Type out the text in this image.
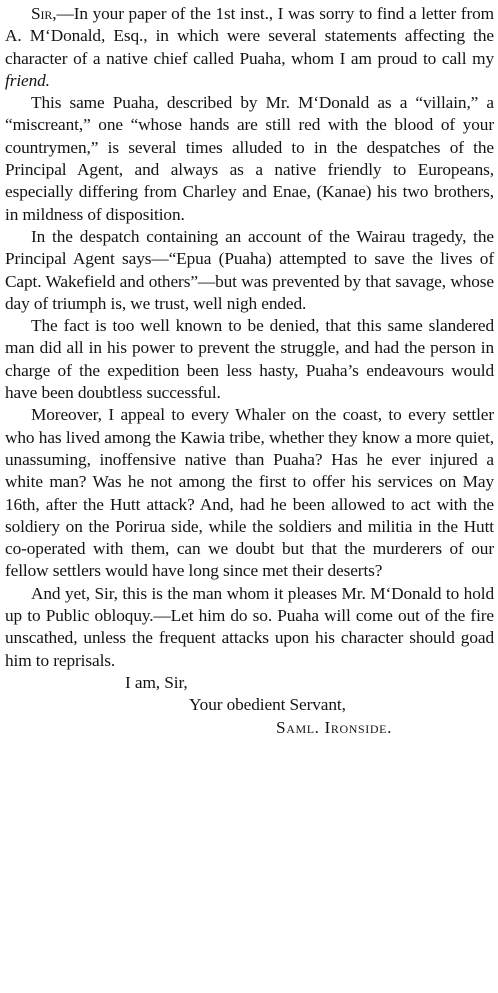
Sir,—In your paper of the 1st inst., I was sorry to find a letter from A. M‘Donald, Esq., in which were several statements affecting the character of a native chief called Puaha, whom I am proud to call my friend.

This same Puaha, described by Mr. M‘Donald as a “villain,” a “miscreant,” one “whose hands are still red with the blood of your countrymen,” is several times alluded to in the despatches of the Principal Agent, and always as a native friendly to Europeans, especially differing from Charley and Enae, (Kanae) his two brothers, in mildness of disposition.

In the despatch containing an account of the Wairau tragedy, the Principal Agent says—“Epua (Puaha) attempted to save the lives of Capt. Wakefield and others”—but was prevented by that savage, whose day of triumph is, we trust, well nigh ended.

The fact is too well known to be denied, that this same slandered man did all in his power to prevent the struggle, and had the person in charge of the expedition been less hasty, Puaha’s endeavours would have been doubtless successful.

Moreover, I appeal to every Whaler on the coast, to every settler who has lived among the Kawia tribe, whether they know a more quiet, unassuming, inoffensive native than Puaha? Has he ever injured a white man? Was he not among the first to offer his services on May 16th, after the Hutt attack? And, had he been allowed to act with the soldiery on the Porirua side, while the soldiers and militia in the Hutt co-operated with them, can we doubt but that the murderers of our fellow settlers would have long since met their deserts?

And yet, Sir, this is the man whom it pleases Mr. M‘Donald to hold up to Public obloquy.—Let him do so. Puaha will come out of the fire unscathed, unless the frequent attacks upon his character should goad him to reprisals.

I am, Sir,
Your obedient Servant,
Saml. Ironside.
